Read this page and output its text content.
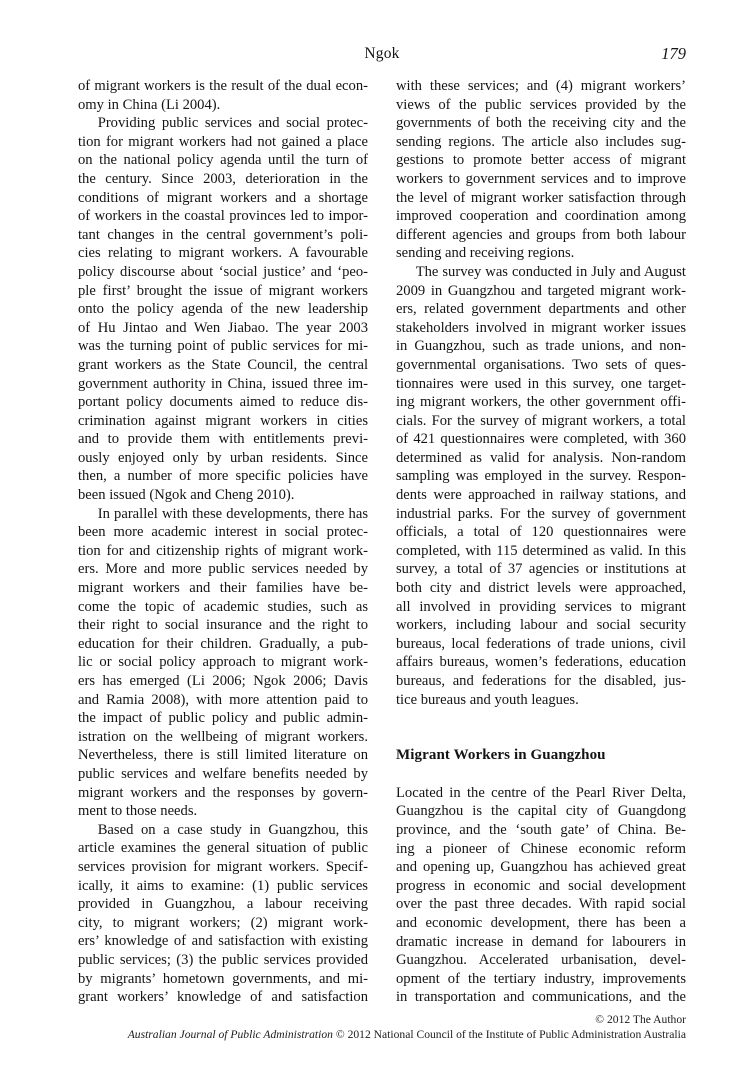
Ngok	179
of migrant workers is the result of the dual econ-
omy in China (Li 2004).
Providing public services and social protec-
tion for migrant workers had not gained a place
on the national policy agenda until the turn of
the century. Since 2003, deterioration in the
conditions of migrant workers and a shortage
of workers in the coastal provinces led to impor-
tant changes in the central government’s poli-
cies relating to migrant workers. A favourable
policy discourse about ‘social justice’ and ‘peo-
ple first’ brought the issue of migrant workers
onto the policy agenda of the new leadership
of Hu Jintao and Wen Jiabao. The year 2003
was the turning point of public services for mi-
grant workers as the State Council, the central
government authority in China, issued three im-
portant policy documents aimed to reduce dis-
crimination against migrant workers in cities
and to provide them with entitlements previ-
ously enjoyed only by urban residents. Since
then, a number of more specific policies have
been issued (Ngok and Cheng 2010).
In parallel with these developments, there has
been more academic interest in social protec-
tion for and citizenship rights of migrant work-
ers. More and more public services needed by
migrant workers and their families have be-
come the topic of academic studies, such as
their right to social insurance and the right to
education for their children. Gradually, a pub-
lic or social policy approach to migrant work-
ers has emerged (Li 2006; Ngok 2006; Davis
and Ramia 2008), with more attention paid to
the impact of public policy and public admin-
istration on the wellbeing of migrant workers.
Nevertheless, there is still limited literature on
public services and welfare benefits needed by
migrant workers and the responses by govern-
ment to those needs.
Based on a case study in Guangzhou, this
article examines the general situation of public
services provision for migrant workers. Specif-
ically, it aims to examine: (1) public services
provided in Guangzhou, a labour receiving
city, to migrant workers; (2) migrant work-
ers’ knowledge of and satisfaction with existing
public services; (3) the public services provided
by migrants’ hometown governments, and mi-
grant workers’ knowledge of and satisfaction
with these services; and (4) migrant workers’
views of the public services provided by the
governments of both the receiving city and the
sending regions. The article also includes sug-
gestions to promote better access of migrant
workers to government services and to improve
the level of migrant worker satisfaction through
improved cooperation and coordination among
different agencies and groups from both labour
sending and receiving regions.
The survey was conducted in July and August
2009 in Guangzhou and targeted migrant work-
ers, related government departments and other
stakeholders involved in migrant worker issues
in Guangzhou, such as trade unions, and non-
governmental organisations. Two sets of ques-
tionnaires were used in this survey, one target-
ing migrant workers, the other government offi-
cials. For the survey of migrant workers, a total
of 421 questionnaires were completed, with 360
determined as valid for analysis. Non-random
sampling was employed in the survey. Respon-
dents were approached in railway stations, and
industrial parks. For the survey of government
officials, a total of 120 questionnaires were
completed, with 115 determined as valid. In this
survey, a total of 37 agencies or institutions at
both city and district levels were approached,
all involved in providing services to migrant
workers, including labour and social security
bureaus, local federations of trade unions, civil
affairs bureaus, women’s federations, education
bureaus, and federations for the disabled, jus-
tice bureaus and youth leagues.
Migrant Workers in Guangzhou
Located in the centre of the Pearl River Delta,
Guangzhou is the capital city of Guangdong
province, and the ‘south gate’ of China. Be-
ing a pioneer of Chinese economic reform
and opening up, Guangzhou has achieved great
progress in economic and social development
over the past three decades. With rapid social
and economic development, there has been a
dramatic increase in demand for labourers in
Guangzhou. Accelerated urbanisation, devel-
opment of the tertiary industry, improvements
in transportation and communications, and the
© 2012 The Author
Australian Journal of Public Administration © 2012 National Council of the Institute of Public Administration Australia
